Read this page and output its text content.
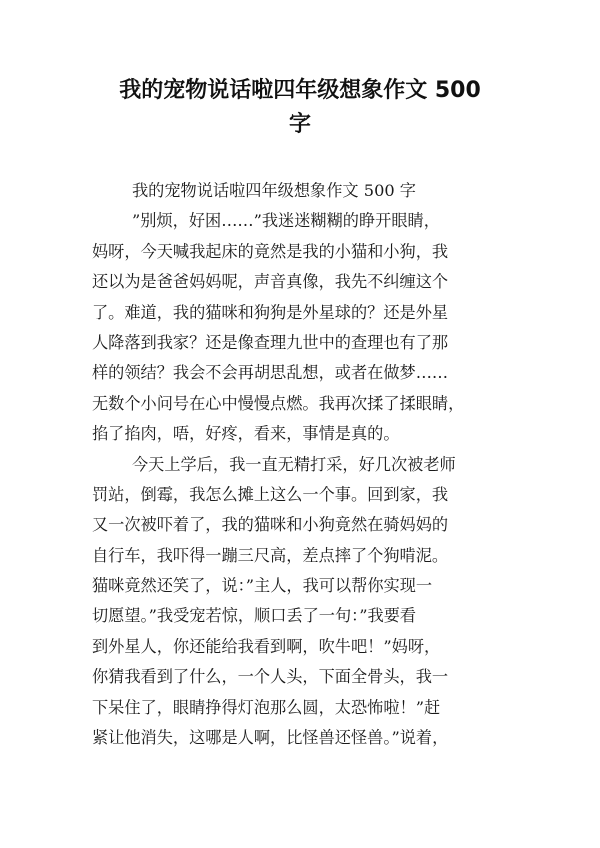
我的宠物说话啦四年级想象作文 500
字
我的宠物说话啦四年级想象作文 500 字
”别烦，好困……”我迷迷糊糊的睁开眼睛，
妈呀，今天喊我起床的竟然是我的小猫和小狗，我
还以为是爸爸妈妈呢，声音真像，我先不纠缠这个
了。难道，我的猫咪和狗狗是外星球的？还是外星
人降落到我家？还是像查理九世中的查理也有了那
样的领结？我会不会再胡思乱想，或者在做梦……
无数个小问号在心中慢慢点燃。我再次揉了揉眼睛，
掐了掐肉，唔，好疼，看来，事情是真的。
今天上学后，我一直无精打采，好几次被老师
罚站，倒霉，我怎么摊上这么一个事。回到家，我
又一次被吓着了，我的猫咪和小狗竟然在骑妈妈的
自行车，我吓得一蹦三尺高，差点摔了个狗啃泥。
猫咪竟然还笑了，说：”主人，我可以帮你实现一
切愿望。”我受宠若惊，顺口丢了一句：”我要看
到外星人，你还能给我看到啊，吹牛吧！”妈呀，
你猜我看到了什么，一个人头，下面全骨头，我一
下呆住了，眼睛挣得灯泡那么圆，太恐怖啦！”赶
紧让他消失，这哪是人啊，比怪兽还怪兽。”说着，
